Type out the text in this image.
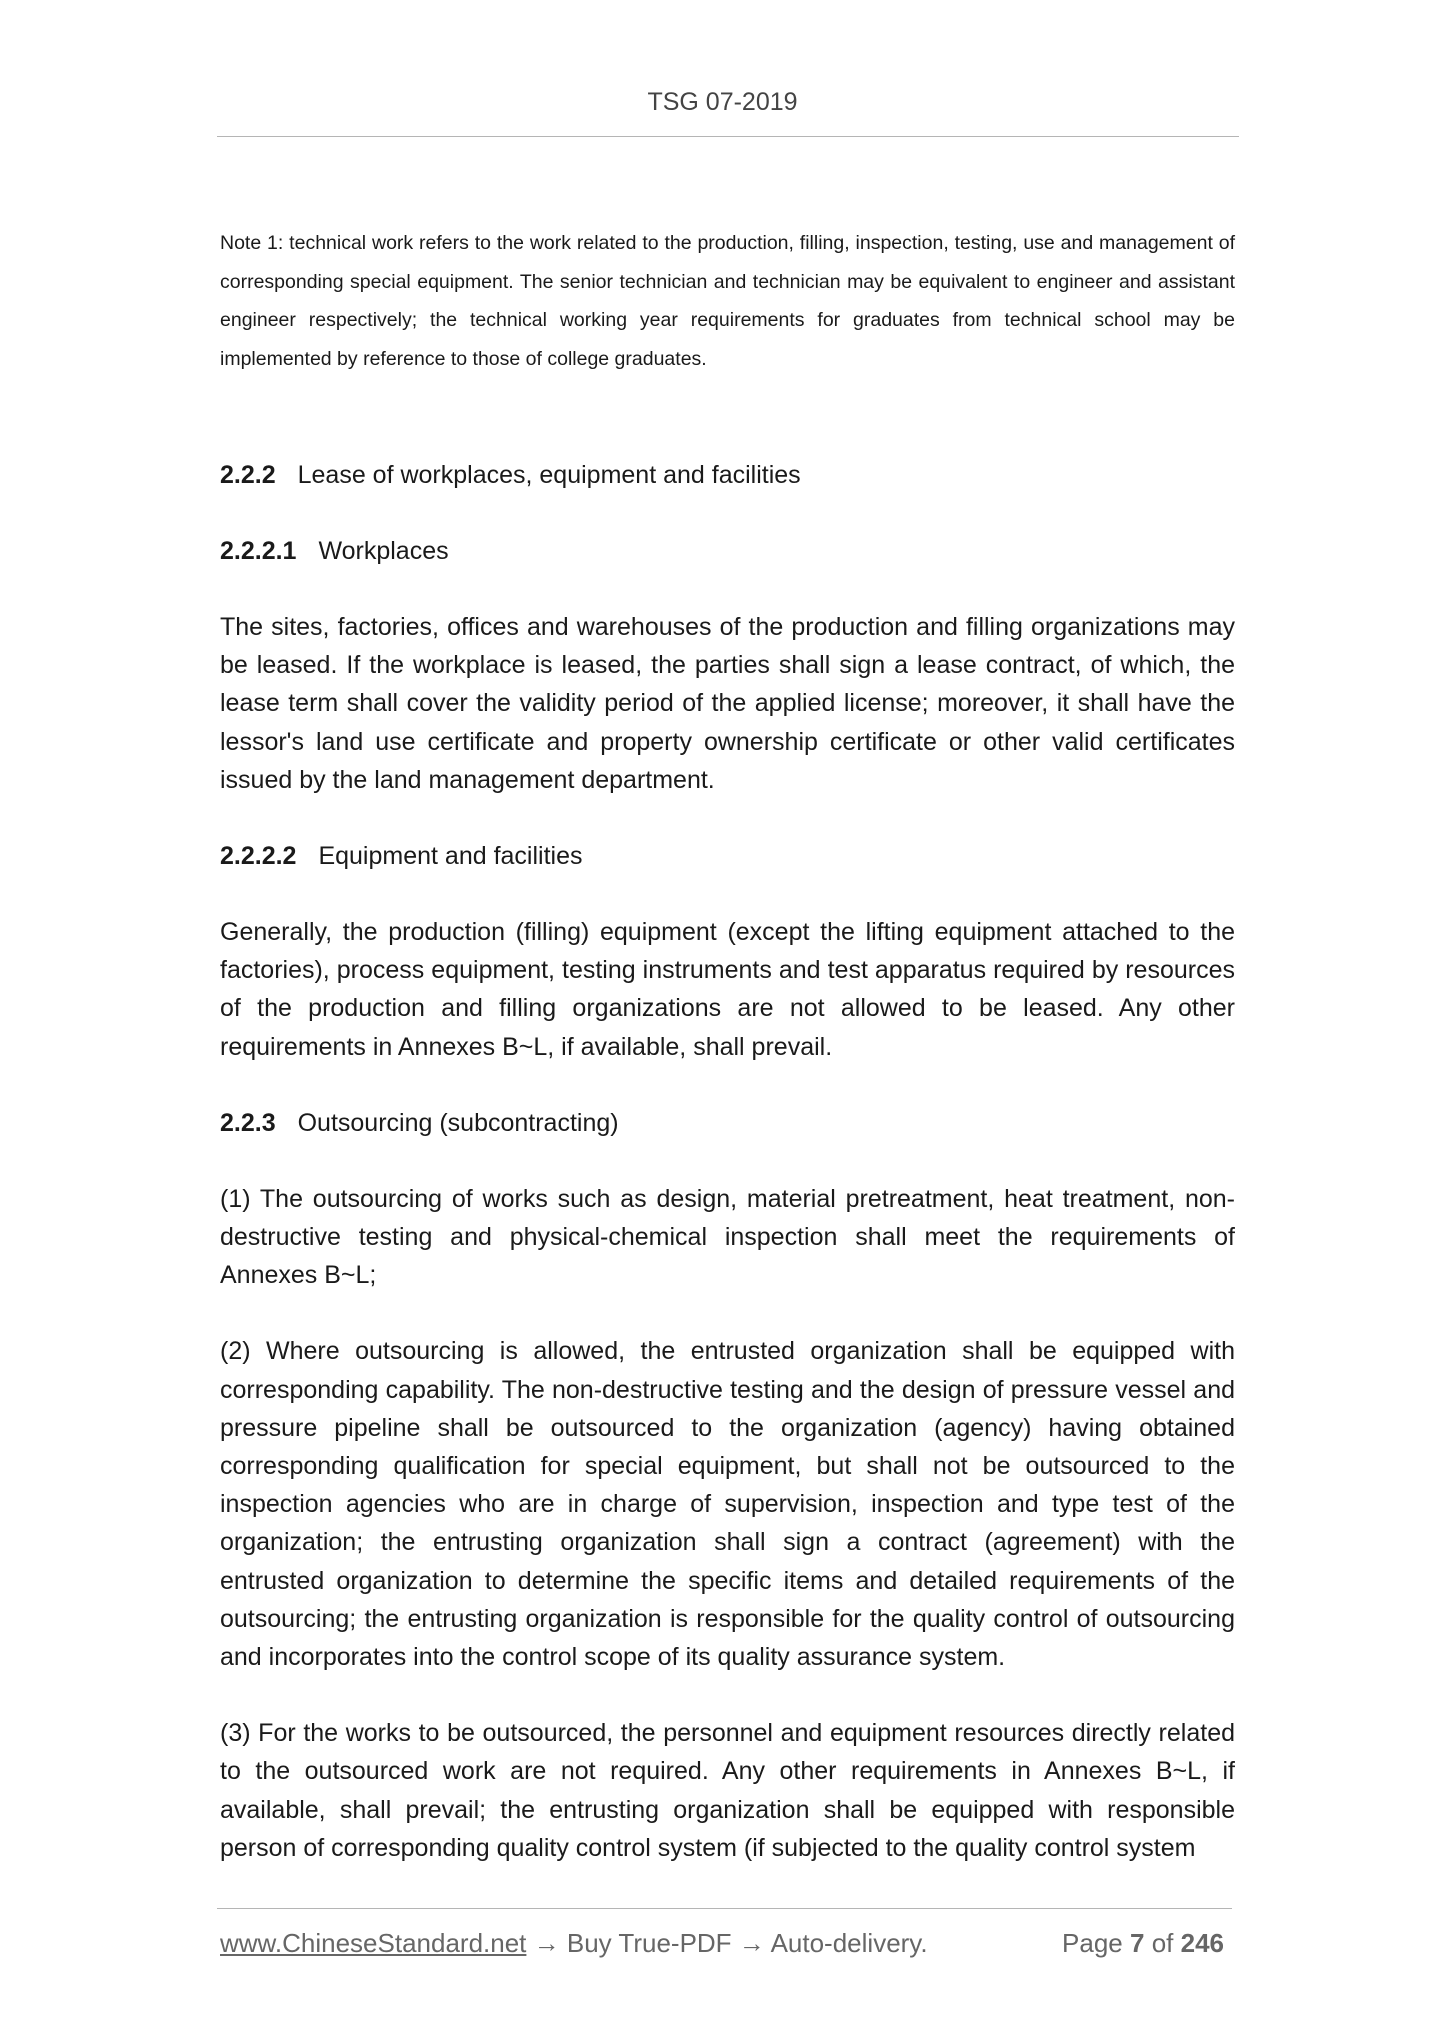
TSG 07-2019

Note 1: technical work refers to the work related to the production, filling, inspection, testing, use and management of corresponding special equipment. The senior technician and technician may be equivalent to engineer and assistant engineer respectively; the technical working year requirements for graduates from technical school may be implemented by reference to those of college graduates.

2.2.2 Lease of workplaces, equipment and facilities
2.2.2.1 Workplaces

The sites, factories, offices and warehouses of the production and filling organizations may be leased. If the workplace is leased, the parties shall sign a lease contract, of which, the lease term shall cover the validity period of the applied license; moreover, it shall have the lessor's land use certificate and property ownership certificate or other valid certificates issued by the land management department.

2.2.2.2 Equipment and facilities

Generally, the production (filling) equipment (except the lifting equipment attached to the factories), process equipment, testing instruments and test apparatus required by resources of the production and filling organizations are not allowed to be leased. Any other requirements in Annexes B~L, if available, shall prevail.

2.2.3 Outsourcing (subcontracting)

(1) The outsourcing of works such as design, material pretreatment, heat treatment, non-destructive testing and physical-chemical inspection shall meet the requirements of Annexes B~L;

(2) Where outsourcing is allowed, the entrusted organization shall be equipped with corresponding capability. The non-destructive testing and the design of pressure vessel and pressure pipeline shall be outsourced to the organization (agency) having obtained corresponding qualification for special equipment, but shall not be outsourced to the inspection agencies who are in charge of supervision, inspection and type test of the organization; the entrusting organization shall sign a contract (agreement) with the entrusted organization to determine the specific items and detailed requirements of the outsourcing; the entrusting organization is responsible for the quality control of outsourcing and incorporates into the control scope of its quality assurance system.

(3) For the works to be outsourced, the personnel and equipment resources directly related to the outsourced work are not required. Any other requirements in Annexes B~L, if available, shall prevail; the entrusting organization shall be equipped with responsible person of corresponding quality control system (if subjected to the quality control system

www.ChineseStandard.net → Buy True-PDF → Auto-delivery.	Page 7 of 246
